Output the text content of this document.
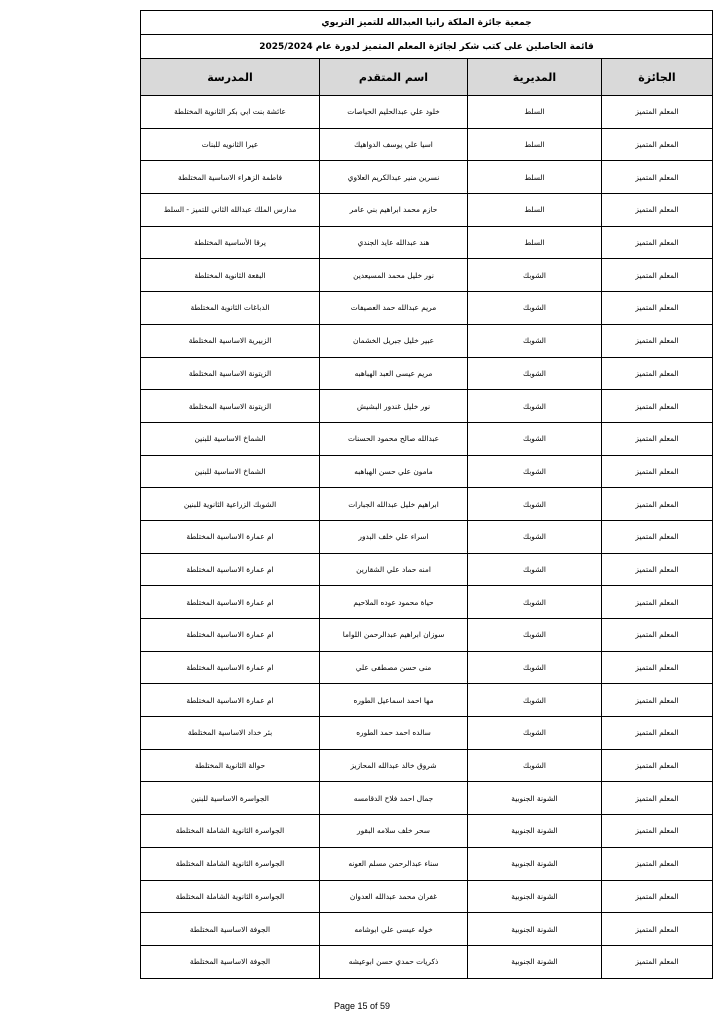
جمعية جائزة الملكة رانيا العبدالله للتميز التربوي			
قائمة الحاصلين على كتب شكر لجائزة المعلم المتميز لدورة عام 2025/2024			
الجائزة	المديرية	اسم المتقدم	المدرسة
المعلم المتميز	السلط	خلود علي عبدالحليم الحياصات	عائشة بنت ابي بكر الثانوية المختلطة
المعلم المتميز	السلط	اسيا علي يوسف الدواهيك	عيرا الثانويه للبنات
المعلم المتميز	السلط	نسرين منير عبدالكريم العلاوي	فاطمة الزهراء الاساسية المختلطة
المعلم المتميز	السلط	حازم محمد ابراهيم بني عامر	مدارس الملك عبدالله الثاني للتميز - السلط
المعلم المتميز	السلط	هند عبدالله عايد الجندي	يرقا الأساسية المختلطة
المعلم المتميز	الشوبك	نور خليل محمد المسيعدين	البقعة الثانوية المختلطة
المعلم المتميز	الشوبك	مريم عبدالله حمد العصيفات	الدباغات الثانوية المختلطة
المعلم المتميز	الشوبك	عبير خليل جبريل الخشمان	الزبيرية الاساسية المختلطة
المعلم المتميز	الشوبك	مريم عيسى العبد الهباهبه	الزيتونة الاساسية المختلطة
المعلم المتميز	الشوبك	نور خليل غندور البشيش	الزيتونة الاساسية المختلطة
المعلم المتميز	الشوبك	عبدالله صالح محمود الحسنات	الشماخ الاساسية للبنين
المعلم المتميز	الشوبك	مامون علي حسن الهباهبه	الشماخ الاساسية للبنين
المعلم المتميز	الشوبك	ابراهيم خليل عبدالله الجبارات	الشوبك الزراعية الثانوية للبنين
المعلم المتميز	الشوبك	اسراء علي خلف البدور	ام عمارة الاساسية المختلطة
المعلم المتميز	الشوبك	امنه حماد علي الشقارين	ام عمارة الاساسية المختلطة
المعلم المتميز	الشوبك	حياة محمود عوده الملاحيم	ام عمارة الاساسية المختلطة
المعلم المتميز	الشوبك	سوزان ابراهيم عبدالرحمن اللواما	ام عمارة الاساسية المختلطة
المعلم المتميز	الشوبك	منى حسن مصطفى علي	ام عمارة الاساسية المختلطة
المعلم المتميز	الشوبك	مها احمد اسماعيل الطوره	ام عمارة الاساسية المختلطة
المعلم المتميز	الشوبك	سالده احمد حمد الطوره	بئر خداد الاساسية المختلطة
المعلم المتميز	الشوبك	شروق خالد عبدالله المحازيز	حوالة الثانوية المختلطة
المعلم المتميز	الشونة الجنوبية	جمال احمد فلاح الدقامسه	الجواسرة الاساسية للبنين
المعلم المتميز	الشونة الجنوبية	سحر خلف سلامه البقور	الجواسرة الثانوية الشاملة المختلطة
المعلم المتميز	الشونة الجنوبية	سناء عبدالرحمن مسلم العونه	الجواسرة الثانوية الشاملة المختلطة
المعلم المتميز	الشونة الجنوبية	غفران محمد عبدالله العدوان	الجواسرة الثانوية الشاملة المختلطة
المعلم المتميز	الشونة الجنوبية	خوله عيسى علي ابوشامه	الجوفة الاساسية المختلطة
المعلم المتميز	الشونة الجنوبية	ذكريات حمدي حسن ابوعيشه	الجوفة الاساسية المختلطة
Page 15 of 59
